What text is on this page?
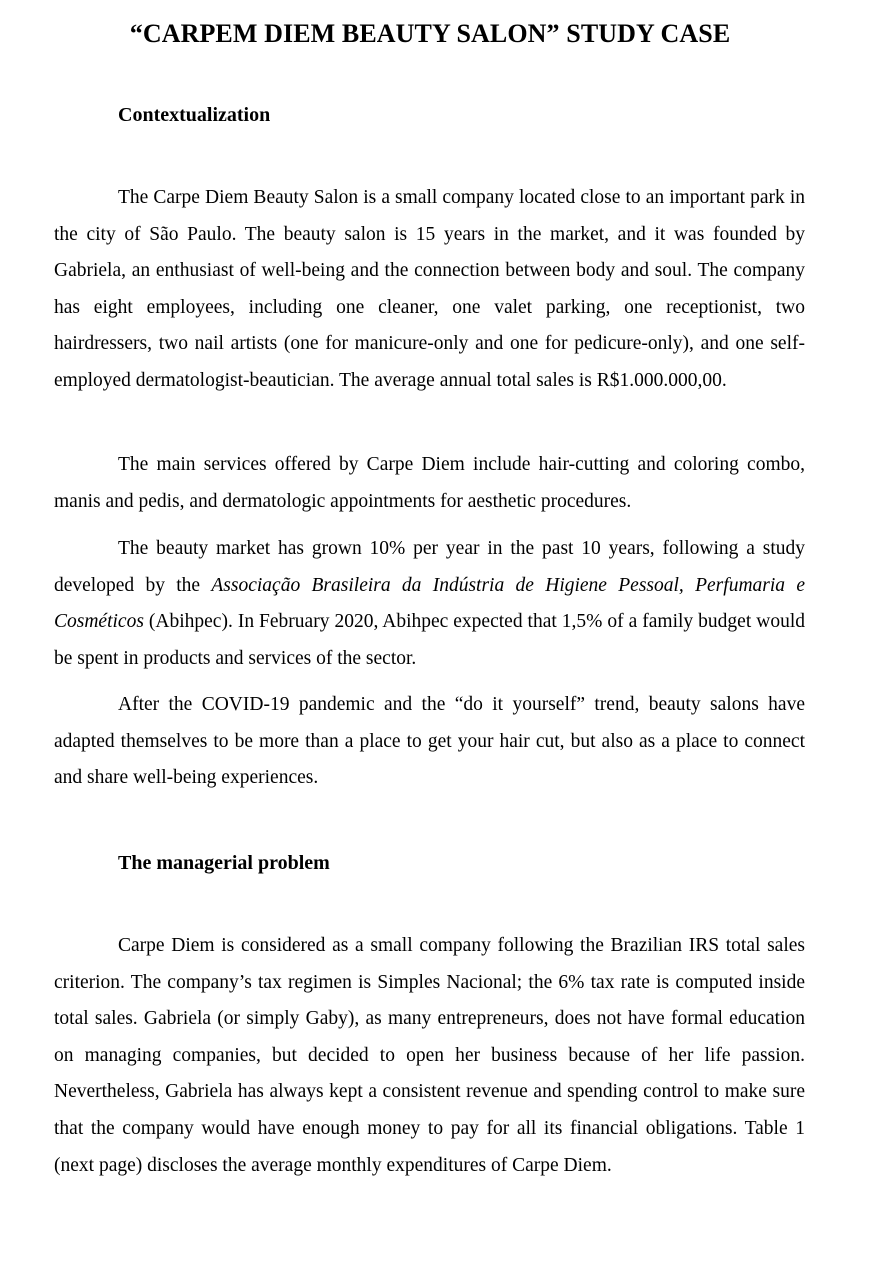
“CARPEM DIEM BEAUTY SALON” STUDY CASE
Contextualization

The Carpe Diem Beauty Salon is a small company located close to an important park in the city of São Paulo. The beauty salon is 15 years in the market, and it was founded by Gabriela, an enthusiast of well-being and the connection between body and soul. The company has eight employees, including one cleaner, one valet parking, one receptionist, two hairdressers, two nail artists (one for manicure-only and one for pedicure-only), and one self-employed dermatologist-beautician. The average annual total sales is R$1.000.000,00.

The main services offered by Carpe Diem include hair-cutting and coloring combo, manis and pedis, and dermatologic appointments for aesthetic procedures.

The beauty market has grown 10% per year in the past 10 years, following a study developed by the Associação Brasileira da Indústria de Higiene Pessoal, Perfumaria e Cosméticos (Abihpec). In February 2020, Abihpec expected that 1,5% of a family budget would be spent in products and services of the sector.

After the COVID-19 pandemic and the “do it yourself” trend, beauty salons have adapted themselves to be more than a place to get your hair cut, but also as a place to connect and share well-being experiences.

The managerial problem

Carpe Diem is considered as a small company following the Brazilian IRS total sales criterion. The company’s tax regimen is Simples Nacional; the 6% tax rate is computed inside total sales. Gabriela (or simply Gaby), as many entrepreneurs, does not have formal education on managing companies, but decided to open her business because of her life passion. Nevertheless, Gabriela has always kept a consistent revenue and spending control to make sure that the company would have enough money to pay for all its financial obligations. Table 1 (next page) discloses the average monthly expenditures of Carpe Diem.
